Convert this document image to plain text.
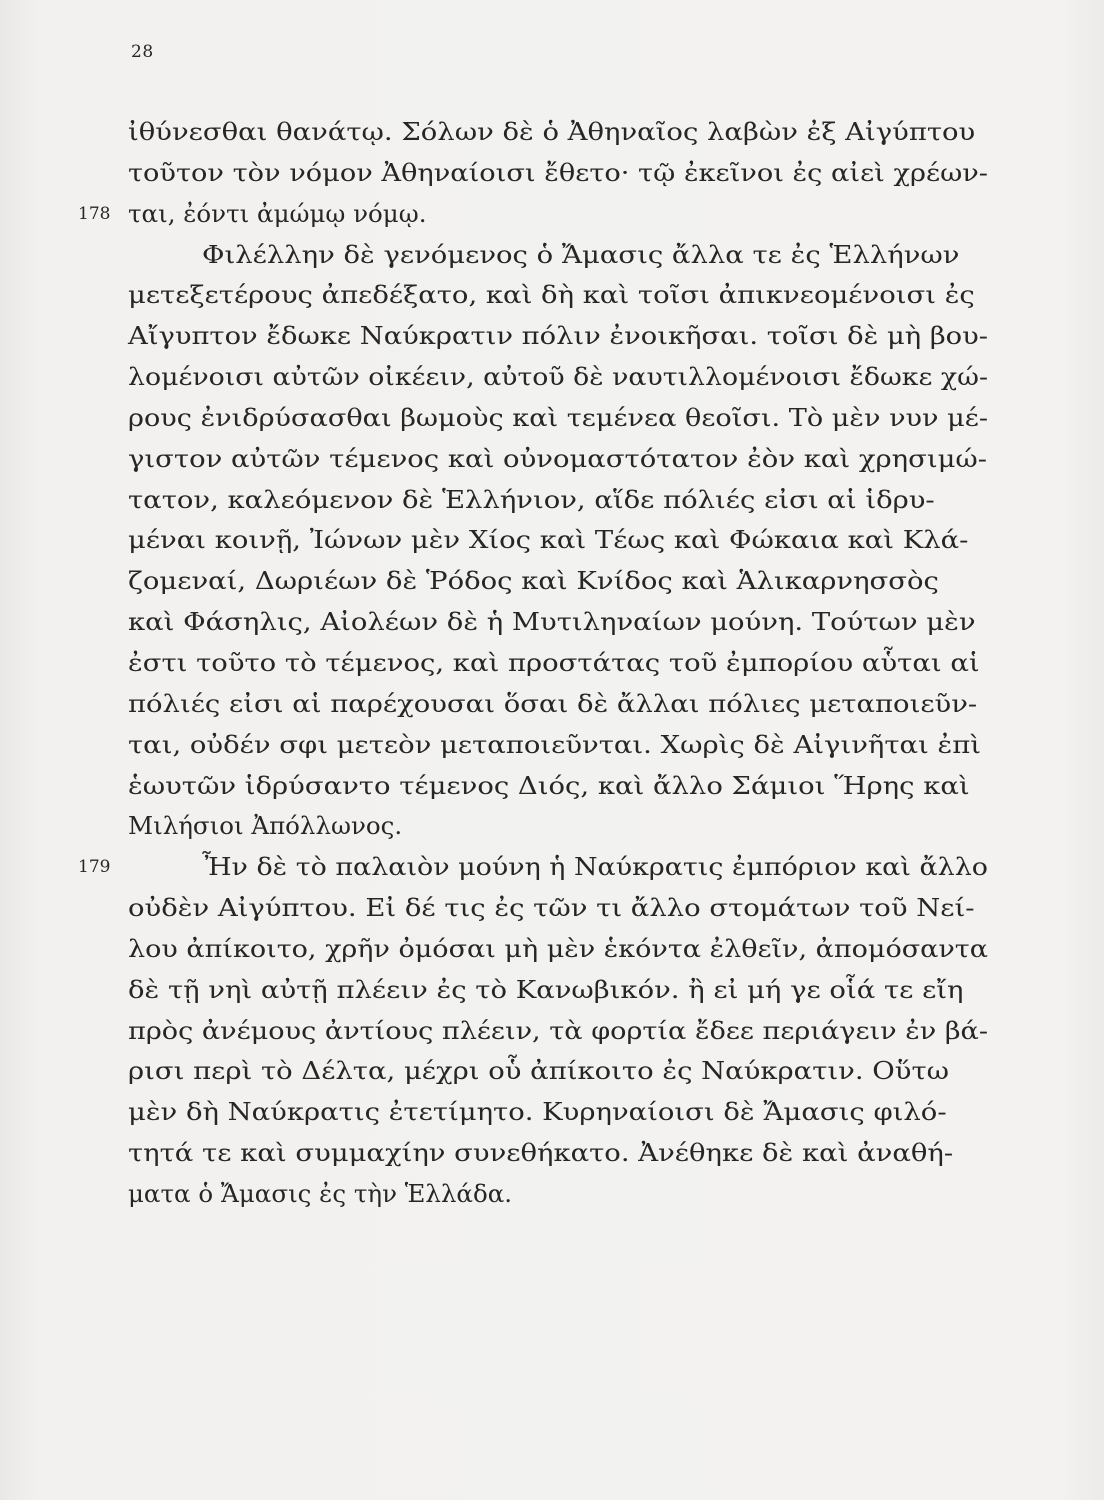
28
ἰθύνεσθαι θανάτῳ. Σόλων δὲ ὁ Ἀθηναῖος λαβὼν ἐξ Αἰγύπτου
τοῦτον τὸν νόμον Ἀθηναίοισι ἔθετο· τῷ ἐκεῖνοι ἐς αἰεὶ χρέων-
178 ται, ἐόντι ἀμώμῳ νόμῳ.
Φιλέλλην δὲ γενόμενος ὁ Ἄμασις ἄλλα τε ἐς Ἑλλήνων
μετεξετέρους ἀπεδέξατο, καὶ δὴ καὶ τοῖσι ἀπικνεομένοισι ἐς
Αἴγυπτον ἔδωκε Ναύκρατιν πόλιν ἐνοικῆσαι. τοῖσι δὲ μὴ βου-
λομένοισι αὐτῶν οἰκέειν, αὐτοῦ δὲ ναυτιλλομένοισι ἔδωκε χώ-
ρους ἐνιδρύσασθαι βωμοὺς καὶ τεμένεα θεοῖσι. Τὸ μὲν νυν μέ-
γιστον αὐτῶν τέμενος καὶ οὐνομαστότατον ἐὸν καὶ χρησιμώ-
τατον, καλεόμενον δὲ Ἑλλήνιον, αἵδε πόλιές εἰσι αἱ ἱδρυ-
μέναι κοινῇ, Ἰώνων μὲν Χίος καὶ Τέως καὶ Φώκαια καὶ Κλά-
ζομεναί, Δωριέων δὲ Ῥόδος καὶ Κνίδος καὶ Ἁλικαρνησσὸς
καὶ Φάσηλις, Αἰολέων δὲ ἡ Μυτιληναίων μούνη. Τούτων μὲν
ἐστι τοῦτο τὸ τέμενος, καὶ προστάτας τοῦ ἐμπορίου αὗται αἱ
πόλιές εἰσι αἱ παρέχουσαι ὅσαι δὲ ἄλλαι πόλιες μεταποιεῦν-
ται, οὐδέν σφι μετεὸν μεταποιεῦνται. Χωρὶς δὲ Αἰγινῆται ἐπὶ
ἑωυτῶν ἱδρύσαντο τέμενος Διός, καὶ ἄλλο Σάμιοι Ἥρης καὶ
Μιλήσιοι Ἀπόλλωνος.
179	Ἦν δὲ τὸ παλαιὸν μούνη ἡ Ναύκρατις ἐμπόριον καὶ ἄλλο
οὐδὲν Αἰγύπτου. Εἰ δέ τις ἐς τῶν τι ἄλλο στομάτων τοῦ Νεί-
λου ἀπίκοιτο, χρῆν ὀμόσαι μὴ μὲν ἑκόντα ἐλθεῖν, ἀπομόσαντα
δὲ τῇ νηὶ αὐτῇ πλέειν ἐς τὸ Κανωβικόν. ἢ εἰ μή γε οἷά τε εἴη
πρὸς ἀνέμους ἀντίους πλέειν, τὰ φορτία ἔδεε περιάγειν ἐν βά-
ρισι περὶ τὸ Δέλτα, μέχρι οὗ ἀπίκοιτο ἐς Ναύκρατιν. Οὕτω
μὲν δὴ Ναύκρατις ἐτετίμητο. Κυρηναίοισι δὲ Ἄμασις φιλό-
τητά τε καὶ συμμαχίην συνεθήκατο. Ἀνέθηκε δὲ καὶ ἀναθή-
ματα ὁ Ἄμασις ἐς τὴν Ἑλλάδα.
